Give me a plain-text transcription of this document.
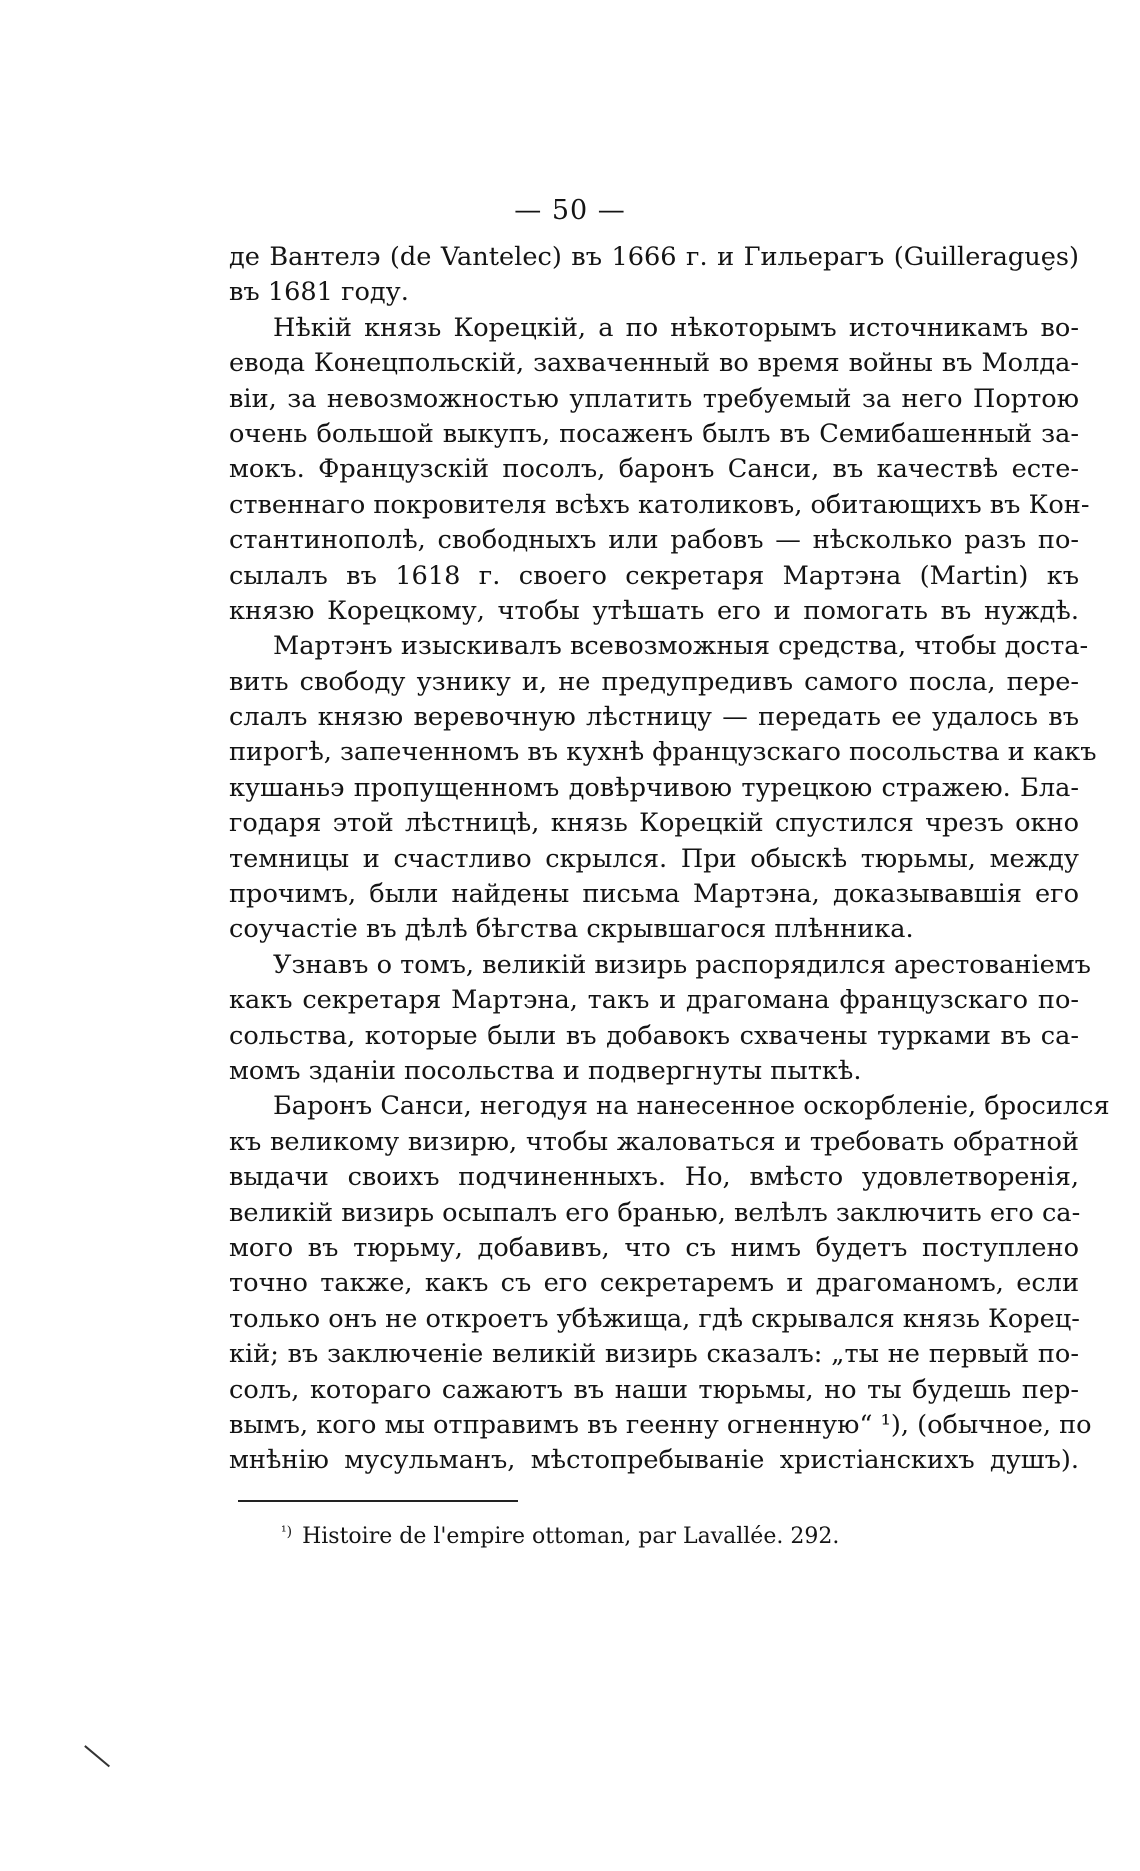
— 50 —
де Вантелэ (de Vantelec) въ 1666 г. и Гильерагъ (Guillerague̮s)
въ 1681 году.
Нѣкій князь Корецкій, а по нѣкоторымъ источникамъ во-
евода Конецпольскій, захваченный во время войны въ Молда-
віи, за невозможностью уплатить требуемый за него Портою
очень большой выкупъ, посаженъ былъ въ Семибашенный за-
мокъ. Французскій посолъ, баронъ Санси, въ качествѣ есте-
ственнаго покровителя всѣхъ католиковъ, обитающихъ въ Кон-
стантинополѣ, свободныхъ или рабовъ — нѣсколько разъ по-
сылалъ въ 1618 г. своего секретаря Мартэна (Martin) къ
князю Корецкому, чтобы утѣшать его и помогать въ нуждѣ.
Мартэнъ изыскивалъ всевозможныя средства, чтобы доста-
вить свободу узнику и, не предупредивъ самого посла, пере-
слалъ князю веревочную лѣстницу — передать ее удалось въ
пирогѣ, запеченномъ въ кухнѣ французскаго посольства и какъ
кушаньэ пропущенномъ довѣрчивою турецкою стражею. Бла-
годаря этой лѣстницѣ, князь Корецкій спустился чрезъ окно
темницы и счастливо скрылся. При обыскѣ тюрьмы, между
прочимъ, были найдены письма Мартэна, доказывавшія его
соучастіе въ дѣлѣ бѣгства скрывшагося плѣнника.
Узнавъ о томъ, великій визирь распорядился арестованіемъ
какъ секретаря Мартэна, такъ и драгомана французскаго по-
сольства, которые были въ добавокъ схвачены турками въ са-
момъ зданіи посольства и подвергнуты пыткѣ.
Баронъ Санси, негодуя на нанесенное оскорбленіе, бросился
къ великому визирю, чтобы жаловаться и требовать обратной
выдачи своихъ подчиненныхъ. Но, вмѣсто удовлетворенія,
великій визирь осыпалъ его бранью, велѣлъ заключить его са-
мого въ тюрьму, добавивъ, что съ нимъ будетъ поступлено
точно также, какъ съ его секретаремъ и драгоманомъ, если
только онъ не откроетъ убѣжища, гдѣ скрывался князь Корец-
кій; въ заключеніе великій визирь сказалъ: „ты не первый по-
солъ, котораго сажаютъ въ наши тюрьмы, но ты будешь пер-
вымъ, кого мы отправимъ въ геенну огненную“ ¹), (обычное, по
мнѣнію мусульманъ, мѣстопребываніе христіанскихъ душъ).
$^{^1)}$ Histoire de l'empire ottoman, par Lavallée. 292.
